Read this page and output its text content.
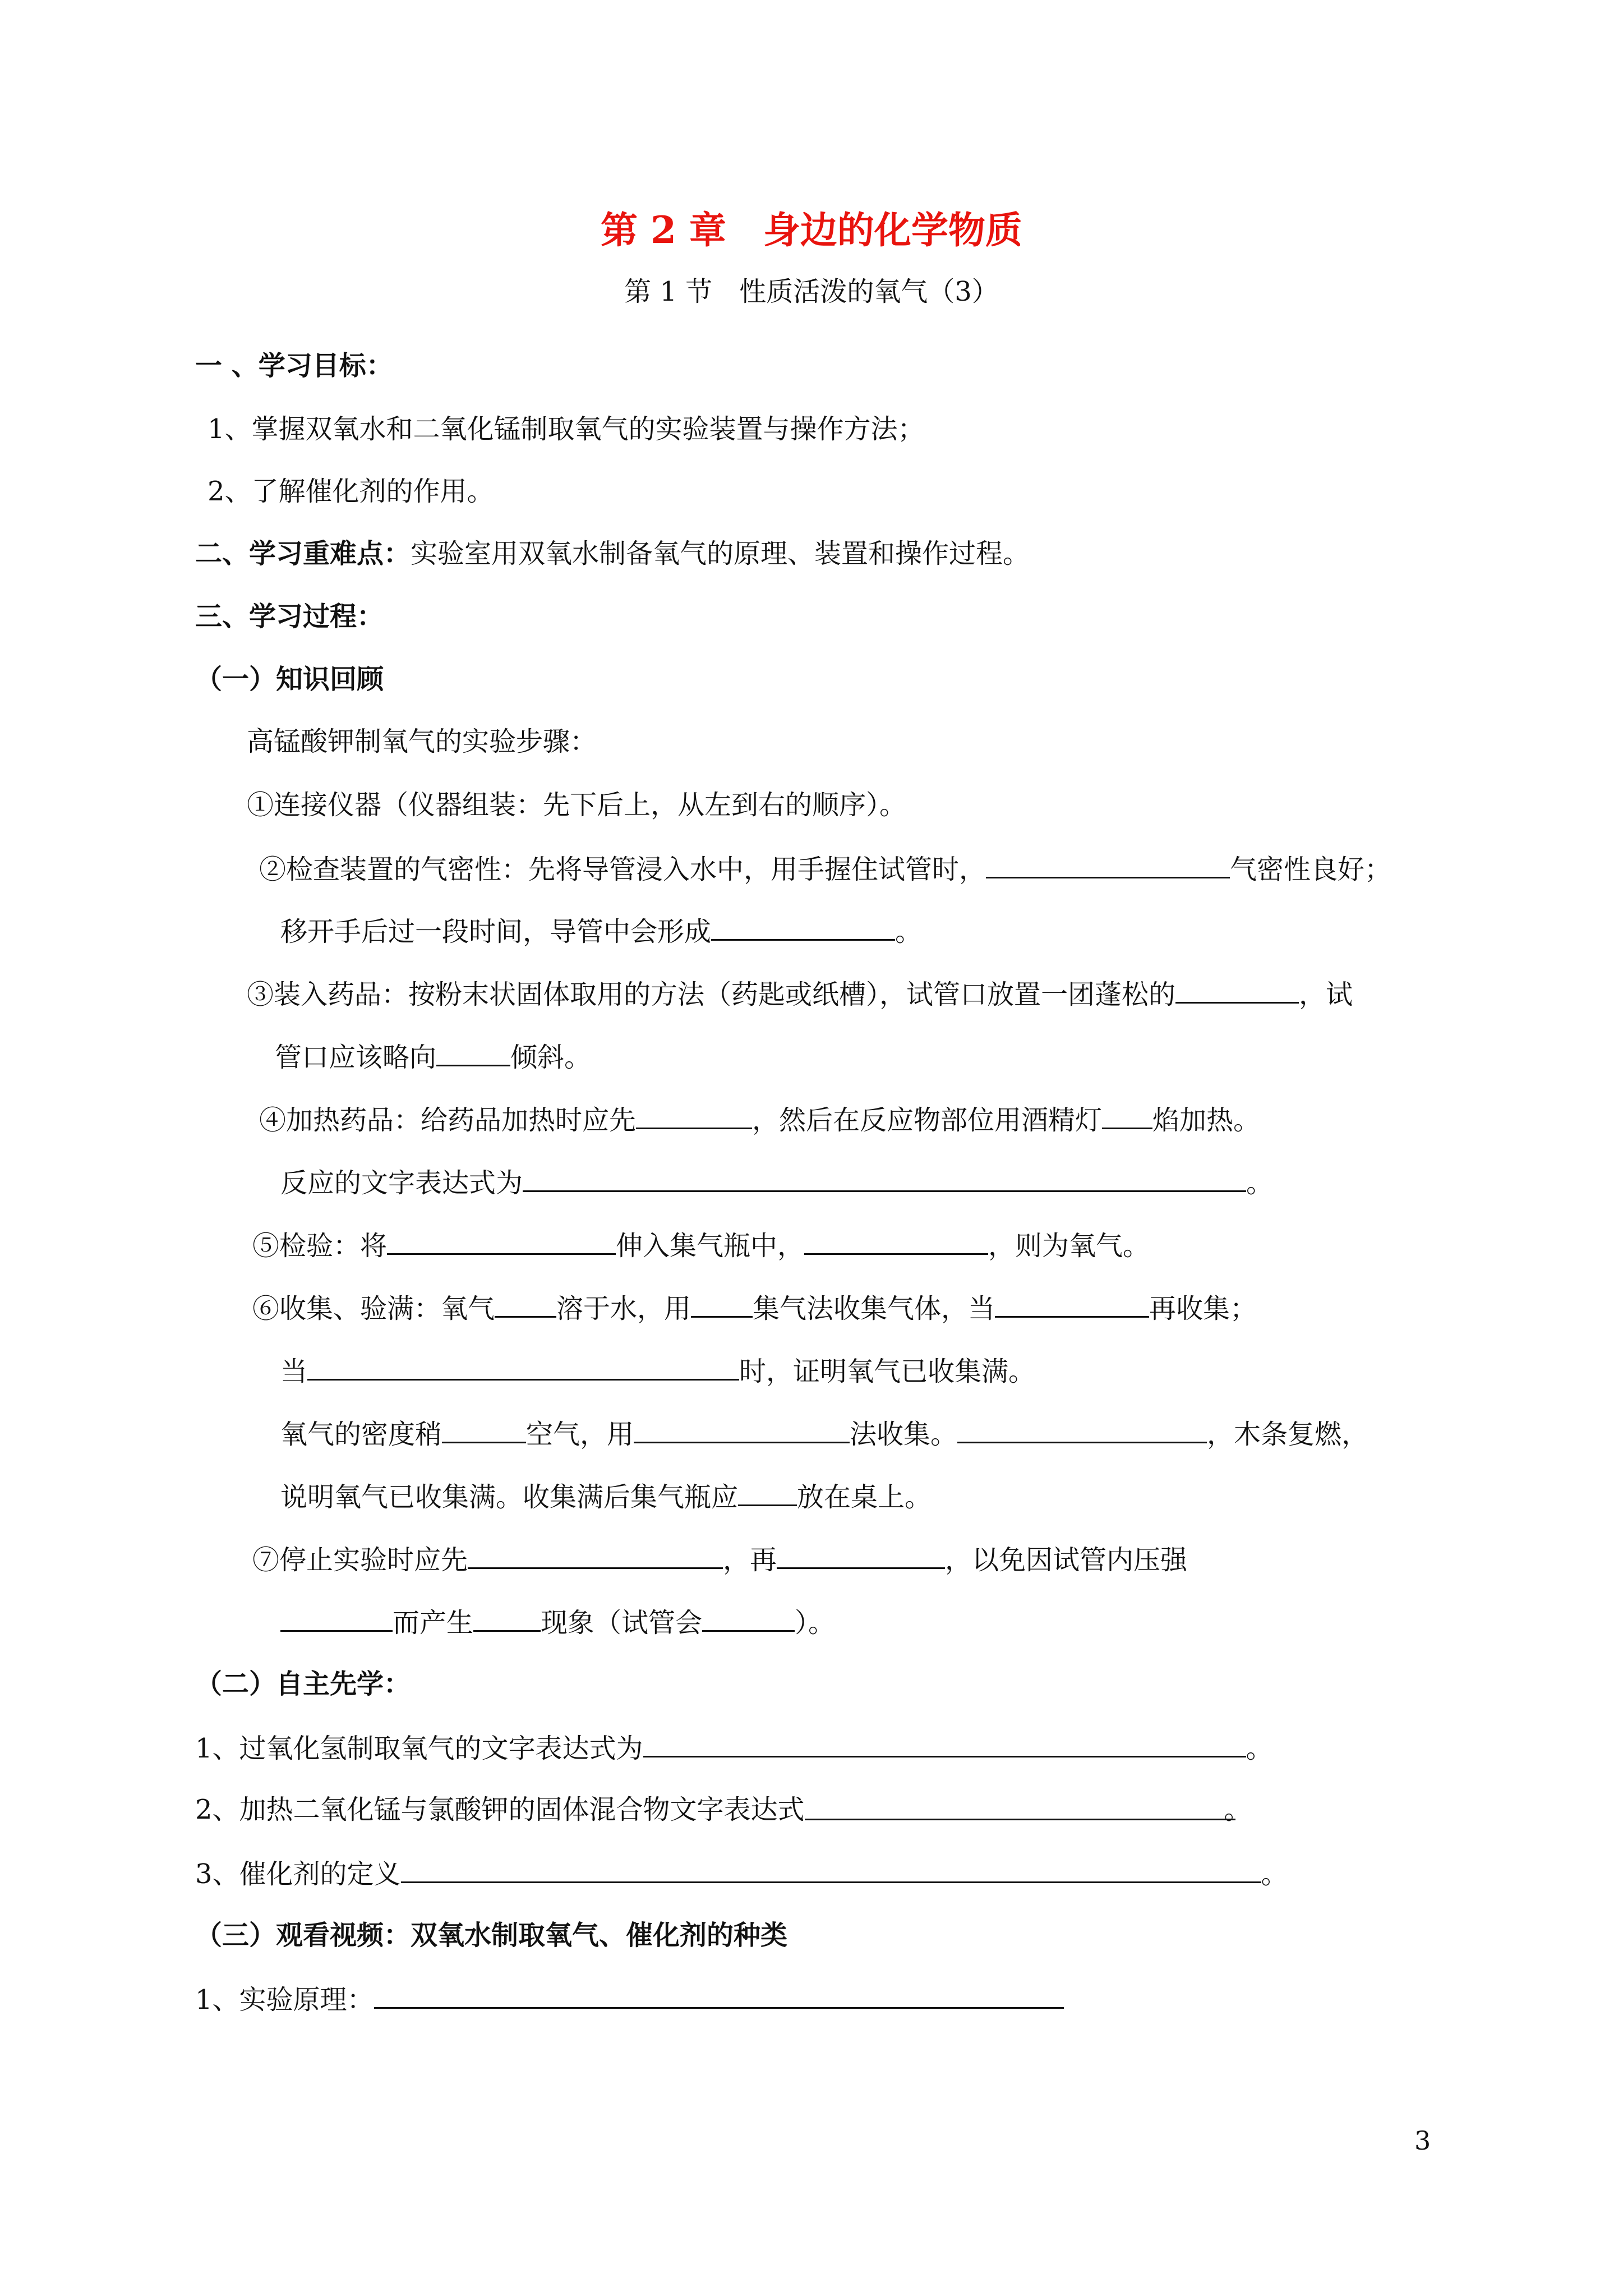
第 2 章　身边的化学物质
第 1 节　性质活泼的氧气（3）
一 、学习目标：
1、掌握双氧水和二氧化锰制取氧气的实验装置与操作方法；
2、了解催化剂的作用。
二、学习重难点：实验室用双氧水制备氧气的原理、装置和操作过程。
三、学习过程：
（一）知识回顾
高锰酸钾制氧气的实验步骤：
①连接仪器（仪器组装：先下后上，从左到右的顺序）。
②检查装置的气密性：先将导管浸入水中，用手握住试管时，	气密性良好；
移开手后过一段时间，导管中会形成	。
③装入药品：按粉末状固体取用的方法（药匙或纸槽），试管口放置一团蓬松的	，试
管口应该略向	倾斜。
④加热药品：给药品加热时应先	，然后在反应物部位用酒精灯 焰加热。
反应的文字表达式为	。
⑤检验：将	伸入集气瓶中，	，则为氧气。
⑥收集、验满：氧气 溶于水，用 集气法收集气体，当	再收集；
当	时，证明氧气已收集满。
氧气的密度稍	空气，用	法收集。	，木条复燃，
说明氧气已收集满。收集满后集气瓶应 放在桌上。
⑦停止实验时应先	，再	，以免因试管内压强
而产生	现象（试管会	）。
（二）自主先学：
1、过氧化氢制取氧气的文字表达式为	。
2、加热二氧化锰与氯酸钾的固体混合物文字表达式	。
3、催化剂的定义	。
（三）观看视频：双氧水制取氧气、催化剂的种类
1、实验原理：
3
